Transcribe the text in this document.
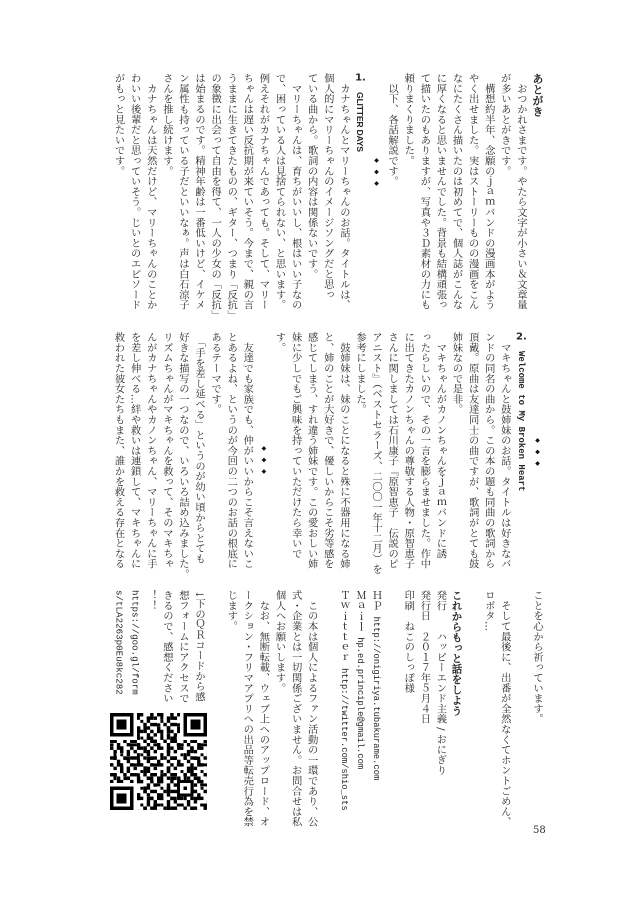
あとがき
　おつかれさまです。やたら文字が小さい＆文章量
が多いあとがきです。
　構想約半年、念願のｊａｍバンドの漫画本がよう
やく出せました。実はストーリーものの漫画をこん
なにたくさん描いたのは初めてで、個人誌がこんな
に厚くなると思いませんでした。背景も結構頑張っ
て描いたのもありますが、写真や３Ｄ素材の力にも
頼りまくりました。
　以下、各話解説です。
◆◆◆
1.GLITTER DAYS
　カナちゃんとマリーちゃんのお話。タイトルは、
個人的にマリーちゃんのイメージソングだと思っ
ている曲から。歌詞の内容は関係ないです。
　マリーちゃんは、育ちがいいし、根はいい子なの
で、困っている人は見捨てられない、と思います。
例えそれがカナちゃんであっても。そして、マリー
ちゃんは遅い反抗期が来ていそう。今まで、親の言
うままに生きてきたものの、ギター、つまり「反抗」
の象徴に出会って自由を得て、一人の少女の「反抗」
は始まるのです。精神年齢は一番低いけど、イケメ
ン属性も持っている子だといいなぁ。声は白石涼子
さんを推し続けます。
　カナちゃんは天然だけど、マリーちゃんのことか
わいい後輩だと思っていそう。じいとのエピソード
がもっと見たいです。
◆◆◆
2.Welcome to My Broken Heart
　マキちゃんと鼓姉妹のお話。タイトルは好きなバ
ンドの同名の曲から。この本の題も同曲の歌詞から
頂戴。原曲は友達同士の曲ですが、歌詞がとても鼓
姉妹なので是非。
　マキちゃんがカノンちゃんをｊａｍバンドに誘
ったらしいので、その一言を膨らませました。作中
に出てきたカノンちゃんの尊敬する人物・原智恵子
さんに関しましては石川康子『原智恵子　伝説のピ
アニスト』（ベストセラーズ、二〇〇一年十二月）を
参考にしました。
　鼓姉妹は、妹のことになると殊に不器用になる姉
と、姉のことが大好きで、優しいからこそ劣等感を
感じてしまう、すれ違う姉妹です。この愛おしい姉
妹に少しでもご興味を持っていただけたら幸いで
す。
◆◆◆
　友達でも家族でも、仲がいいからこそ言えないこ
とあるよね、というのが今回の二つのお話の根底に
あるテーマです。
　「手を差し延べる」というのが幼い頃からとても
好きな描写の一つなので、いろいろ詰め込みました。
リズムちゃんがマキちゃんを救って、そのマキちゃ
んがカナちゃんやカノンちゃん、マリーちゃんに手
を差し伸べる…絆や救いは連鎖して、マキちゃんに
救われた彼女たちもまた、誰かを救える存在となる
ことを心から祈っています。
　そして最後に、出番が全然なくてホントごめん、
ロボタ…
これからもっと話をしよう
発行ハッピーエンド主義 / おにぎり
発行日２０１７年５月４日
印刷ねこのしっぽ様
ＨＰhttp://onigiriya.tubakurame.com
Ｍａｉｌhp.ed.principle@gmail.com
Ｔｗｉｔｔｅｒhttp://twitter.com/shio_sts
　この本は個人によるファン活動の一環であり、公
式・企業とは一切関係ございません。お問合せは私
個人へお願いします。
　なお、無断転載、ウェブ上へのアップロード、オ
ークション・フリマアプリへの出品等転売行為を禁
じます。
↓下のＱＲコードから感
想フォームにアクセスで
きるので、感想ください
！！
https://goo.gl/form
s/tLA2263p0Eu8kc282
58
